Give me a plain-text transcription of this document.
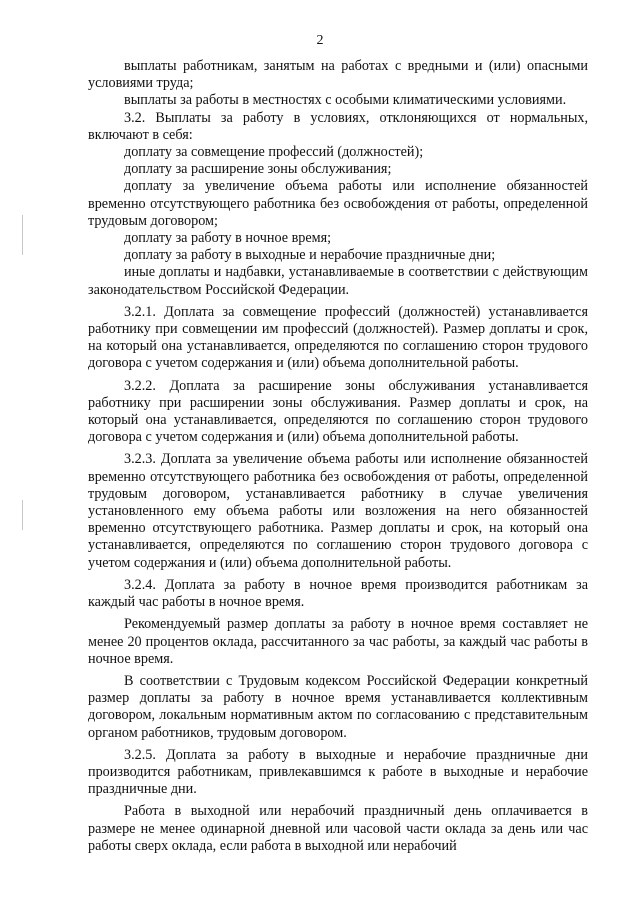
2

выплаты работникам, занятым на работах с вредными и (или) опасными условиями труда;

выплаты за работы в местностях с особыми климатическими условиями.

3.2. Выплаты за работу в условиях, отклоняющихся от нормальных, включают в себя:

доплату за совмещение профессий (должностей);

доплату за расширение зоны обслуживания;

доплату за увеличение объема работы или исполнение обязанностей временно отсутствующего работника без освобождения от работы, определенной трудовым договором;

доплату за работу в ночное время;

доплату за работу в выходные и нерабочие праздничные дни;

иные доплаты и надбавки, устанавливаемые в соответствии с действующим законодательством Российской Федерации.

3.2.1. Доплата за совмещение профессий (должностей) устанавливается работнику при совмещении им профессий (должностей). Размер доплаты и срок, на который она устанавливается, определяются по соглашению сторон трудового договора с учетом содержания и (или) объема дополнительной работы.

3.2.2. Доплата за расширение зоны обслуживания устанавливается работнику при расширении зоны обслуживания. Размер доплаты и срок, на который она устанавливается, определяются по соглашению сторон трудового договора с учетом содержания и (или) объема дополнительной работы.

3.2.3. Доплата за увеличение объема работы или исполнение обязанностей временно отсутствующего работника без освобождения от работы, определенной трудовым договором, устанавливается работнику в случае увеличения установленного ему объема работы или возложения на него обязанностей временно отсутствующего работника. Размер доплаты и срок, на который она устанавливается, определяются по соглашению сторон трудового договора с учетом содержания и (или) объема дополнительной работы.

3.2.4. Доплата за работу в ночное время производится работникам за каждый час работы в ночное время.

Рекомендуемый размер доплаты за работу в ночное время составляет не менее 20 процентов оклада, рассчитанного за час работы, за каждый час работы в ночное время.

В соответствии с Трудовым кодексом Российской Федерации конкретный размер доплаты за работу в ночное время устанавливается коллективным договором, локальным нормативным актом по согласованию с представительным органом работников, трудовым договором.

3.2.5. Доплата за работу в выходные и нерабочие праздничные дни производится работникам, привлекавшимся к работе в выходные и нерабочие праздничные дни.

Работа в выходной или нерабочий праздничный день оплачивается в размере не менее одинарной дневной или часовой части оклада за день или час работы сверх оклада, если работа в выходной или нерабочий
